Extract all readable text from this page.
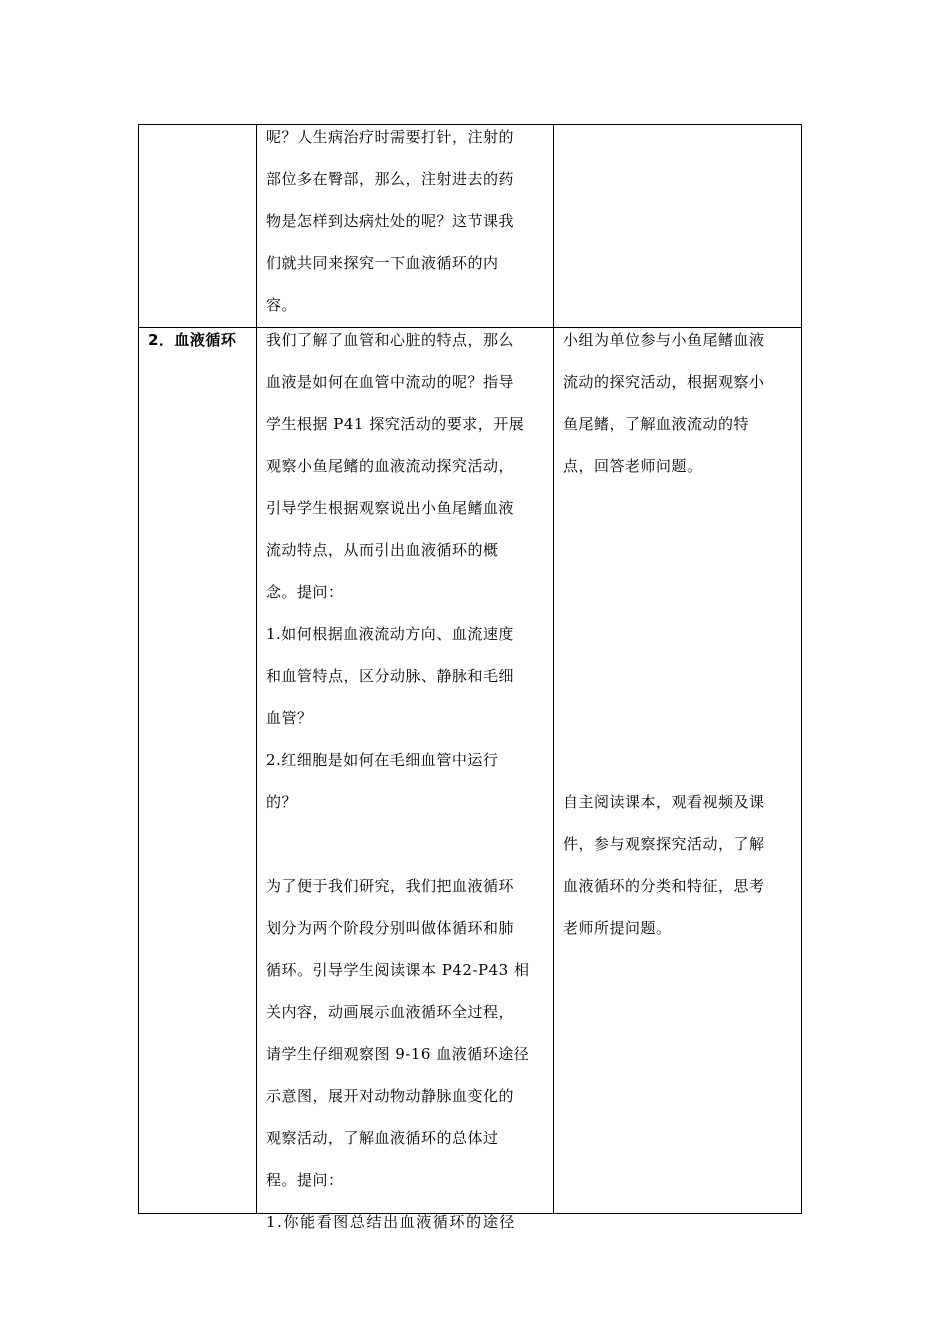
呢？人生病治疗时需要打针，注射的
部位多在臀部，那么，注射进去的药
物是怎样到达病灶处的呢？这节课我
们就共同来探究一下血液循环的内
容。
2．血液循环	我们了解了血管和心脏的特点，那么
血液是如何在血管中流动的呢？指导
学生根据 P41 探究活动的要求，开展
观察小鱼尾鳍的血液流动探究活动，
引导学生根据观察说出小鱼尾鳍血液
流动特点，从而引出血液循环的概
念。提问：
1.如何根据血液流动方向、血流速度
和血管特点，区分动脉、静脉和毛细
血管？
2.红细胞是如何在毛细血管中运行
的？
为了便于我们研究，我们把血液循环
划分为两个阶段分别叫做体循环和肺
循环。引导学生阅读课本 P42-P43 相
关内容，动画展示血液循环全过程，
请学生仔细观察图 9-16 血液循环途径
示意图，展开对动物动静脉血变化的
观察活动，了解血液循环的总体过
程。提问：
1.你能看图总结出血液循环的途径
小组为单位参与小鱼尾鳍血液
流动的探究活动，根据观察小
鱼尾鳍，了解血液流动的特
点，回答老师问题。
自主阅读课本，观看视频及课
件，参与观察探究活动，了解
血液循环的分类和特征，思考
老师所提问题。
